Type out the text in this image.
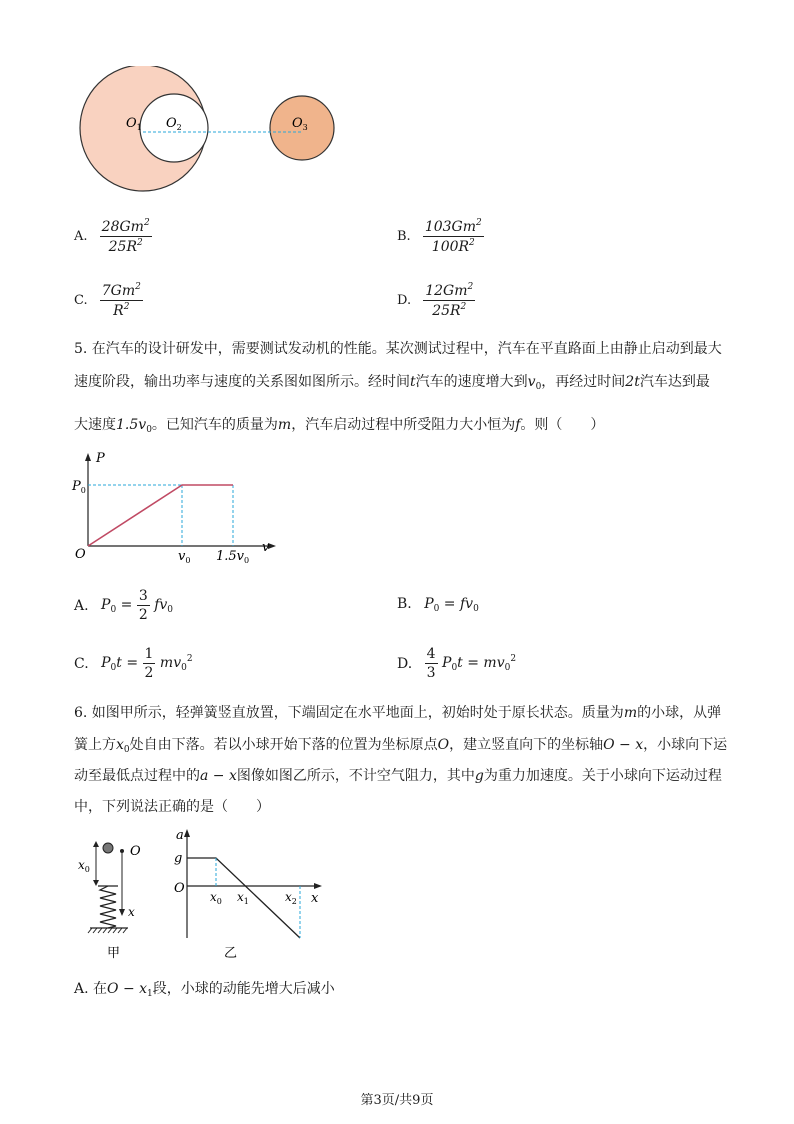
$O_1$ $O_2$	$O_3$
A. $\frac{28Gm^2}{25R^2}$	B. $\frac{103Gm^2}{100R^2}$
C. $\frac{7Gm^2}{R^2}$	D. $\frac{12Gm^2}{25R^2}$
5. 在汽车的设计研发中，需要测试发动机的性能。某次测试过程中，汽车在平直路面上由静止启动到最大
速度阶段，输出功率与速度的关系图如图所示。经时间t汽车的速度增大到$v_0$，再经过时间2t汽车达到最
大速度$1.5v_0$。已知汽车的质量为m，汽车启动过程中所受阻力大小恒为f。则（　　）
P
$P_0$
O	v
$v_0$ $1.5v_0$
A. $P_0 = \frac{3}{2} fv_0$	B. $P_0 = fv_0$
C. $P_0t = \frac{1}{2} mv_0^2$	D. $\frac{4}{3} P_0t = mv_0^2$
6. 如图甲所示，轻弹簧竖直放置，下端固定在水平地面上，初始时处于原长状态。质量为m的小球，从弹
簧上方$x_0$处自由下落。若以小球开始下落的位置为坐标原点O，建立竖直向下的坐标轴O − x，小球向下运
动至最低点过程中的a − x图像如图乙所示，不计空气阻力，其中g为重力加速度。关于小球向下运动过程
中，下列说法正确的是（　　）
$x_0$
O
x
甲
a
g
O
$x_0$ $x_1$	$x_2$ x
乙
A. 在$O - x_1$段，小球的动能先增大后减小
第3页/共9页
